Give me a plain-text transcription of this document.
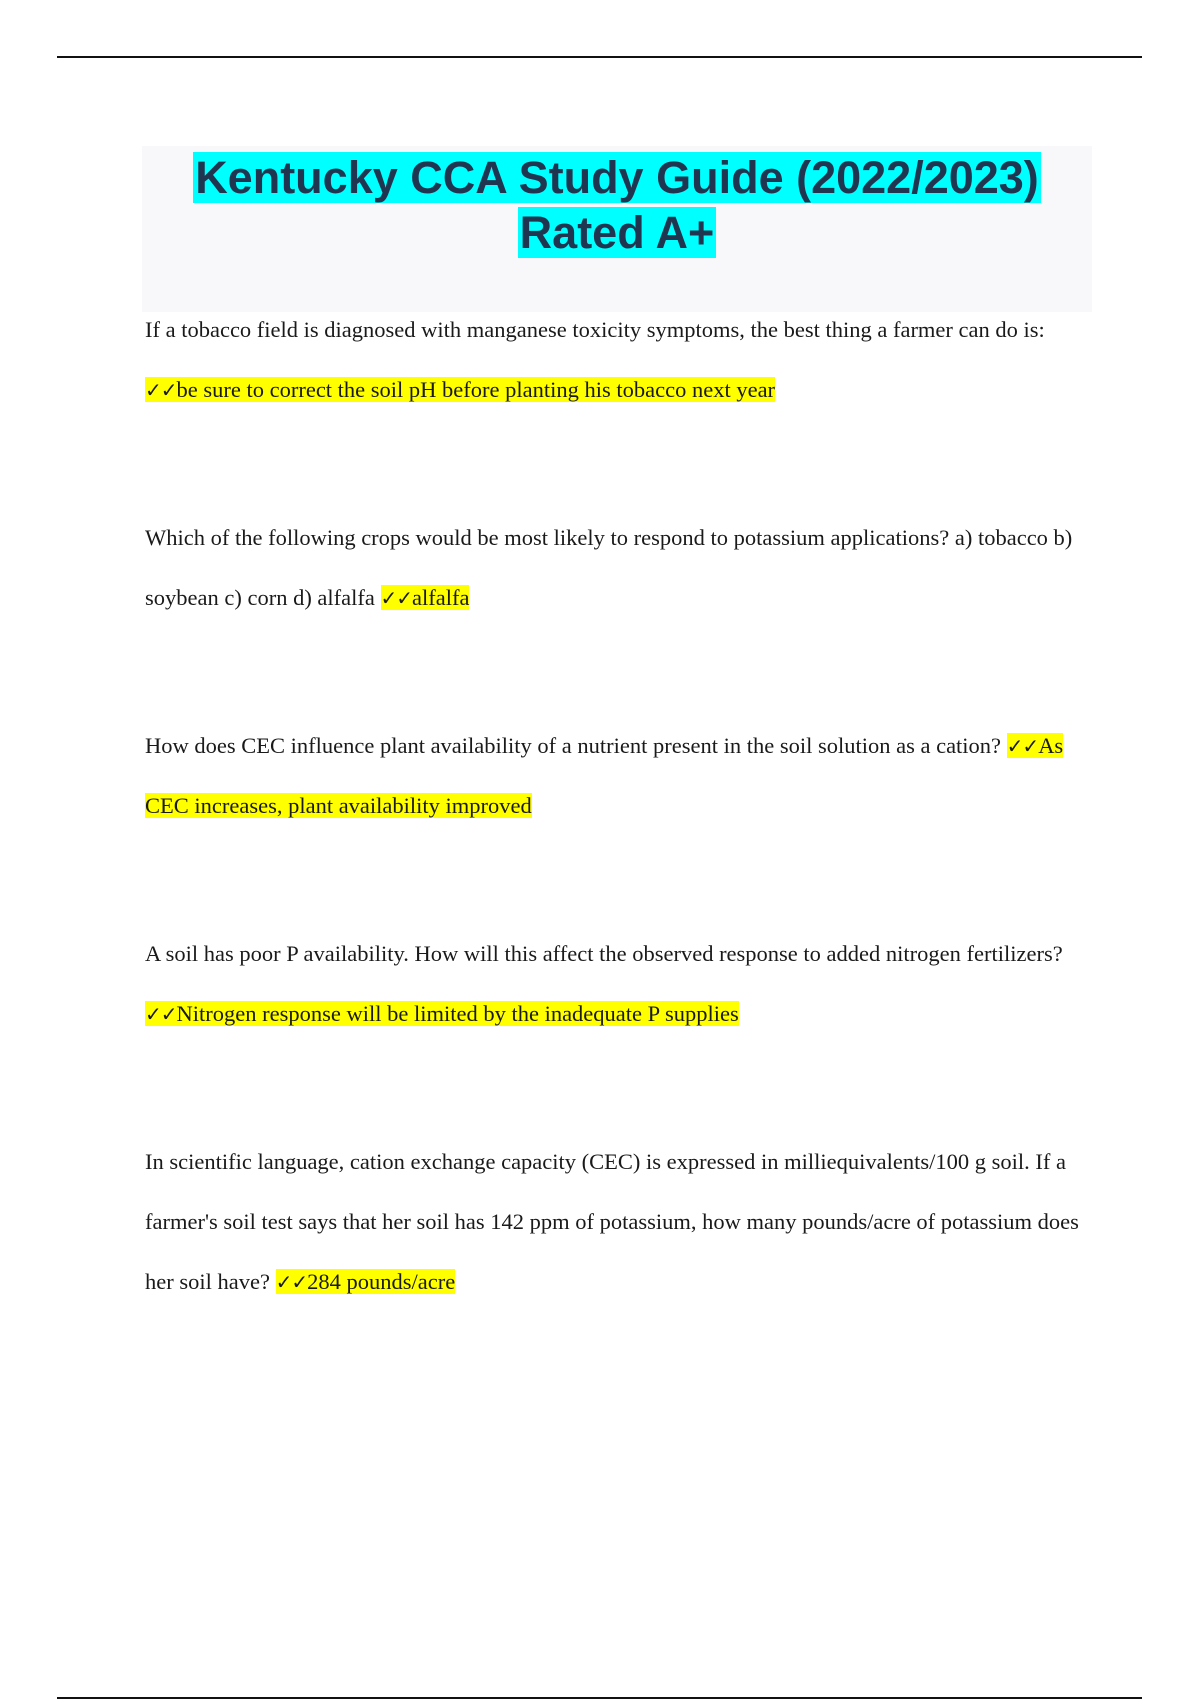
Kentucky CCA Study Guide (2022/2023)
Rated A+

If a tobacco field is diagnosed with manganese toxicity symptoms, the best thing a farmer can do is: ✓✓be sure to correct the soil pH before planting his tobacco next year

Which of the following crops would be most likely to respond to potassium applications? a) tobacco b) soybean c) corn d) alfalfa ✓✓alfalfa

How does CEC influence plant availability of a nutrient present in the soil solution as a cation? ✓✓As CEC increases, plant availability improved

A soil has poor P availability. How will this affect the observed response to added nitrogen fertilizers? ✓✓Nitrogen response will be limited by the inadequate P supplies

In scientific language, cation exchange capacity (CEC) is expressed in milliequivalents/100 g soil. If a farmer's soil test says that her soil has 142 ppm of potassium, how many pounds/acre of potassium does her soil have? ✓✓284 pounds/acre
